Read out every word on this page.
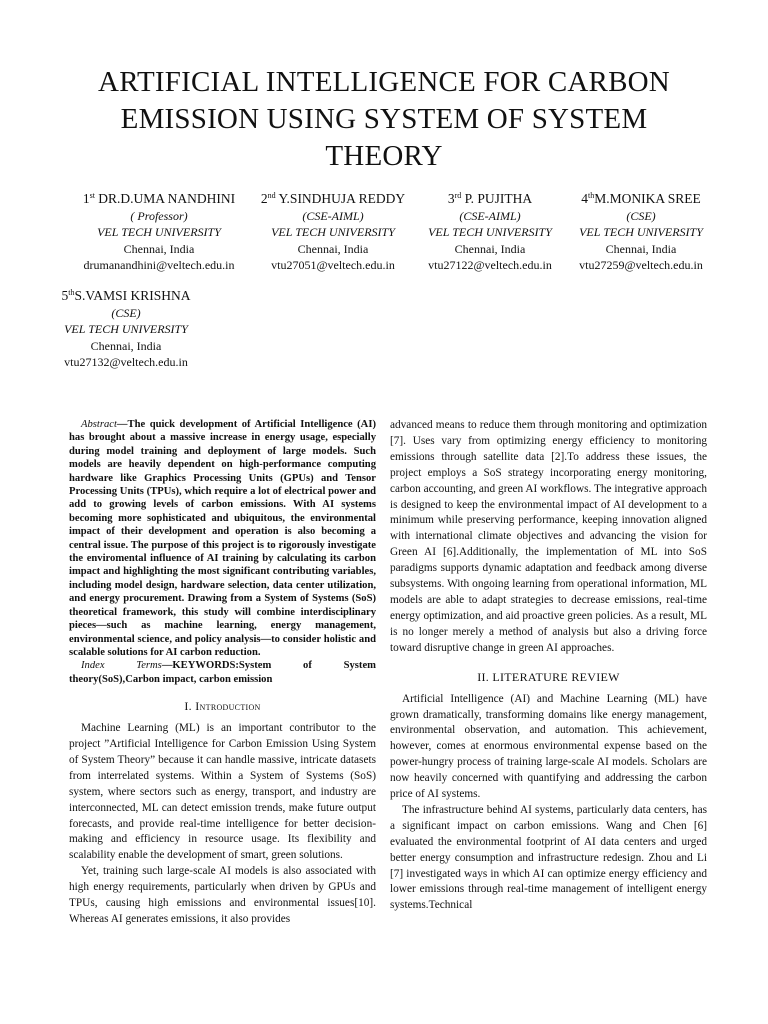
ARTIFICIAL INTELLIGENCE FOR CARBON
EMISSION USING SYSTEM OF SYSTEM
THEORY
1st DR.D.UMA NANDHINI
( Professor)
VEL TECH UNIVERSITY
Chennai, India
drumanandhini@veltech.edu.in
2nd Y.SINDHUJA REDDY
(CSE-AIML)
VEL TECH UNIVERSITY
Chennai, India
vtu27051@veltech.edu.in
3rd P. PUJITHA
(CSE-AIML)
VEL TECH UNIVERSITY
Chennai, India
vtu27122@veltech.edu.in
4thM.MONIKA SREE
(CSE)
VEL TECH UNIVERSITY
Chennai, India
vtu27259@veltech.edu.in
5thS.VAMSI KRISHNA
(CSE)
VEL TECH UNIVERSITY
Chennai, India
vtu27132@veltech.edu.in

Abstract—The quick development of Artificial Intelligence (AI) has brought about a massive increase in energy usage, especially during model training and deployment of large models. Such models are heavily dependent on high-performance computing hardware like Graphics Processing Units (GPUs) and Tensor Processing Units (TPUs), which require a lot of electrical power and add to growing levels of carbon emissions. With AI systems becoming more sophisticated and ubiquitous, the environmental impact of their development and operation is also becoming a central issue. The purpose of this project is to rigorously investigate the enviromental influence of AI training by calculating its carbon impact and highlighting the most significant contributing variables, including model design, hardware selection, data center utilization, and energy procurement. Drawing from a System of Systems (SoS) theoretical framework, this study will combine interdisciplinary pieces—such as machine learning, energy management, environmental science, and policy analysis—to consider holistic and scalable solutions for AI carbon reduction.

Index Terms—KEYWORDS:System of System

theory(SoS),Carbon impact, carbon emission

I. Introduction

Machine Learning (ML) is an important contributor to the project ”Artificial Intelligence for Carbon Emission Using System of System Theory” because it can handle massive, intricate datasets from interrelated systems. Within a System of Systems (SoS) system, where sectors such as energy, transport, and industry are interconnected, ML can detect emission trends, make future output forecasts, and provide real-time intelligence for better decision-making and efficiency in resource usage. Its flexibility and scalability enable the development of smart, green solutions.

Yet, training such large-scale AI models is also associated with high energy requirements, particularly when driven by GPUs and TPUs, causing high emissions and environmental issues[10]. Whereas AI generates emissions, it also provides

advanced means to reduce them through monitoring and optimization [7]. Uses vary from optimizing energy efficiency to monitoring emissions through satellite data [2].To address these issues, the project employs a SoS strategy incorporating energy monitoring, carbon accounting, and green AI workflows. The integrative approach is designed to keep the environmental impact of AI development to a minimum while preserving performance, keeping innovation aligned with international climate objectives and advancing the vision for Green AI [6].Additionally, the implementation of ML into SoS paradigms supports dynamic adaptation and feedback among diverse subsystems. With ongoing learning from operational information, ML models are able to adapt strategies to decrease emissions, real-time energy optimization, and aid proactive green policies. As a result, ML is no longer merely a method of analysis but also a driving force toward disruptive change in green AI approaches.

II. LITERATURE REVIEW

Artificial Intelligence (AI) and Machine Learning (ML) have grown dramatically, transforming domains like energy management, environmental observation, and automation. This achievement, however, comes at enormous environmental expense based on the power-hungry process of training large-scale AI models. Scholars are now heavily concerned with quantifying and addressing the carbon price of AI systems.

The infrastructure behind AI systems, particularly data centers, has a significant impact on carbon emissions. Wang and Chen [6] evaluated the environmental footprint of AI data centers and urged better energy consumption and infrastructure redesign. Zhou and Li [7] investigated ways in which AI can optimize energy efficiency and lower emissions through real-time management of intelligent energy systems.Technical
